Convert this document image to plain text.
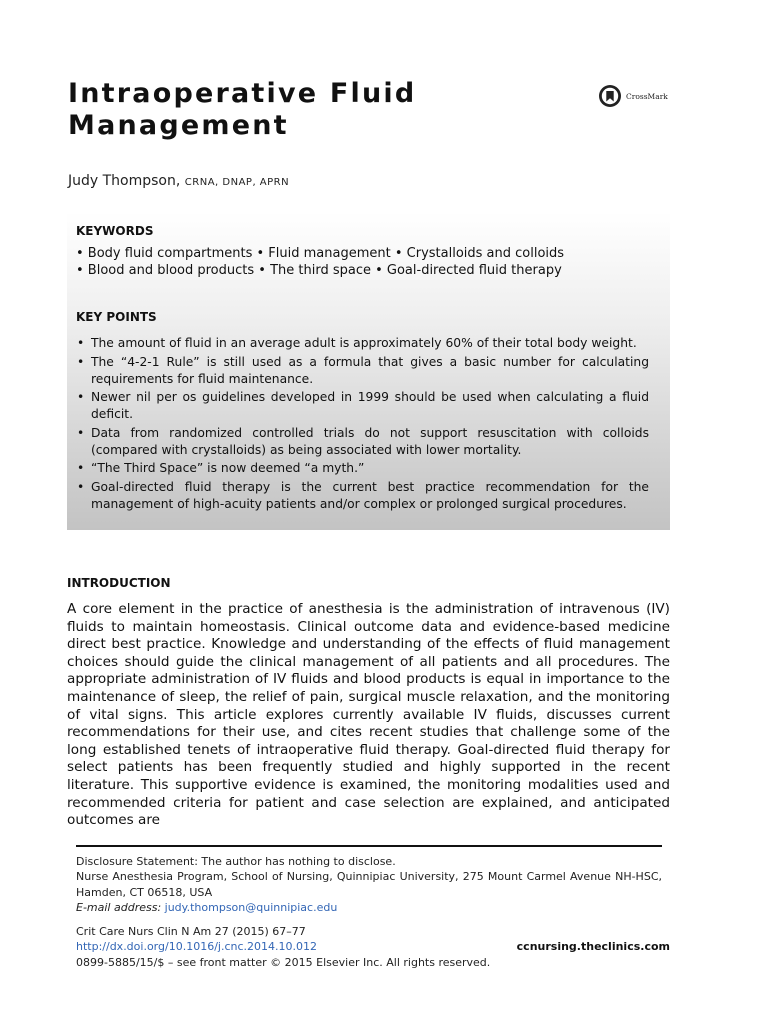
Intraoperative Fluid
Management
CrossMark
Judy Thompson, CRNA, DNAP, APRN
KEYWORDS
• Body fluid compartments • Fluid management • Crystalloids and colloids
• Blood and blood products • The third space • Goal-directed fluid therapy
KEY POINTS
• The amount of fluid in an average adult is approximately 60% of their total body weight.
• The “4-2-1 Rule” is still used as a formula that gives a basic number for calculating requirements for fluid maintenance.
• Newer nil per os guidelines developed in 1999 should be used when calculating a fluid deficit.
• Data from randomized controlled trials do not support resuscitation with colloids (compared with crystalloids) as being associated with lower mortality.
• “The Third Space” is now deemed “a myth.”
• Goal-directed fluid therapy is the current best practice recommendation for the management of high-acuity patients and/or complex or prolonged surgical procedures.
INTRODUCTION

A core element in the practice of anesthesia is the administration of intravenous (IV) fluids to maintain homeostasis. Clinical outcome data and evidence-based medicine direct best practice. Knowledge and understanding of the effects of fluid management choices should guide the clinical management of all patients and all procedures. The appropriate administration of IV fluids and blood products is equal in importance to the maintenance of sleep, the relief of pain, surgical muscle relaxation, and the monitoring of vital signs. This article explores currently available IV fluids, discusses current recommendations for their use, and cites recent studies that challenge some of the long established tenets of intraoperative fluid therapy. Goal-directed fluid therapy for select patients has been frequently studied and highly supported in the recent literature. This supportive evidence is examined, the monitoring modalities used and recommended criteria for patient and case selection are explained, and anticipated outcomes are

Disclosure Statement: The author has nothing to disclose.

Nurse Anesthesia Program, School of Nursing, Quinnipiac University, 275 Mount Carmel Avenue NH-HSC, Hamden, CT 06518, USA

E-mail address: judy.thompson@quinnipiac.edu

Crit Care Nurs Clin N Am 27 (2015) 67–77

http://dx.doi.org/10.1016/j.cnc.2014.10.012	ccnursing.theclinics.com

0899-5885/15/$ – see front matter © 2015 Elsevier Inc. All rights reserved.
